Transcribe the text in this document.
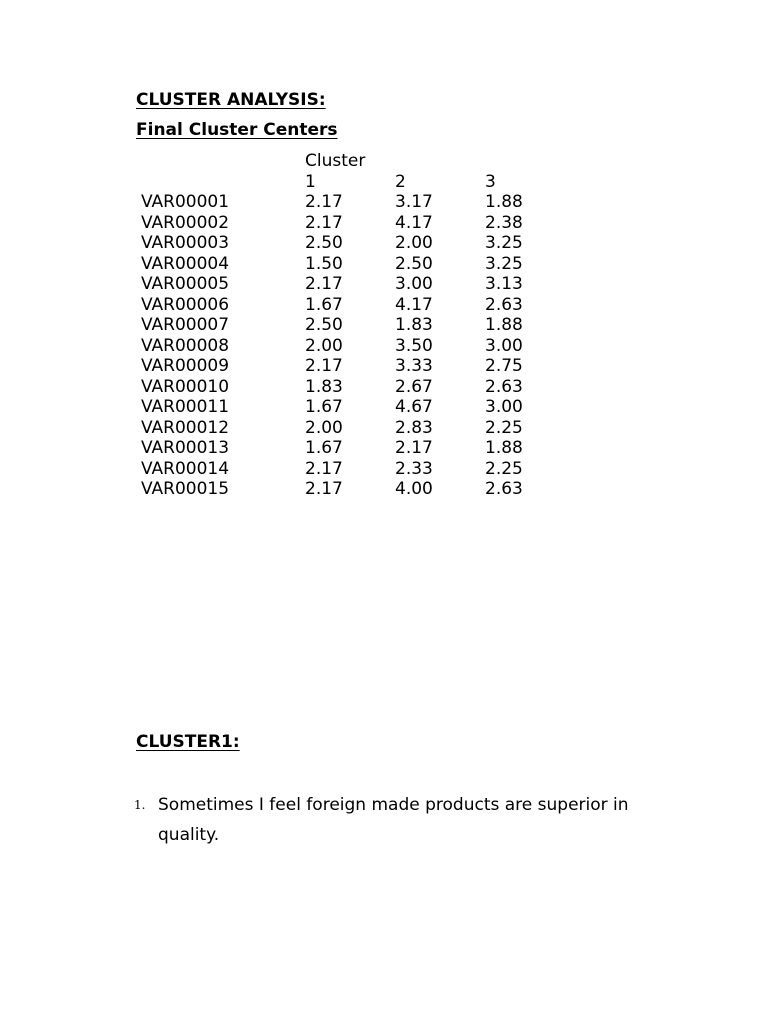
CLUSTER ANALYSIS:
Final Cluster Centers
Cluster
1	2	3
VAR00001	2.17	3.17	1.88
VAR00002	2.17	4.17	2.38
VAR00003	2.50	2.00	3.25
VAR00004	1.50	2.50	3.25
VAR00005	2.17	3.00	3.13
VAR00006	1.67	4.17	2.63
VAR00007	2.50	1.83	1.88
VAR00008	2.00	3.50	3.00
VAR00009	2.17	3.33	2.75
VAR00010	1.83	2.67	2.63
VAR00011	1.67	4.67	3.00
VAR00012	2.00	2.83	2.25
VAR00013	1.67	2.17	1.88
VAR00014	2.17	2.33	2.25
VAR00015	2.17	4.00	2.63
CLUSTER1:
1. Sometimes I feel foreign made products are superior in quality.
